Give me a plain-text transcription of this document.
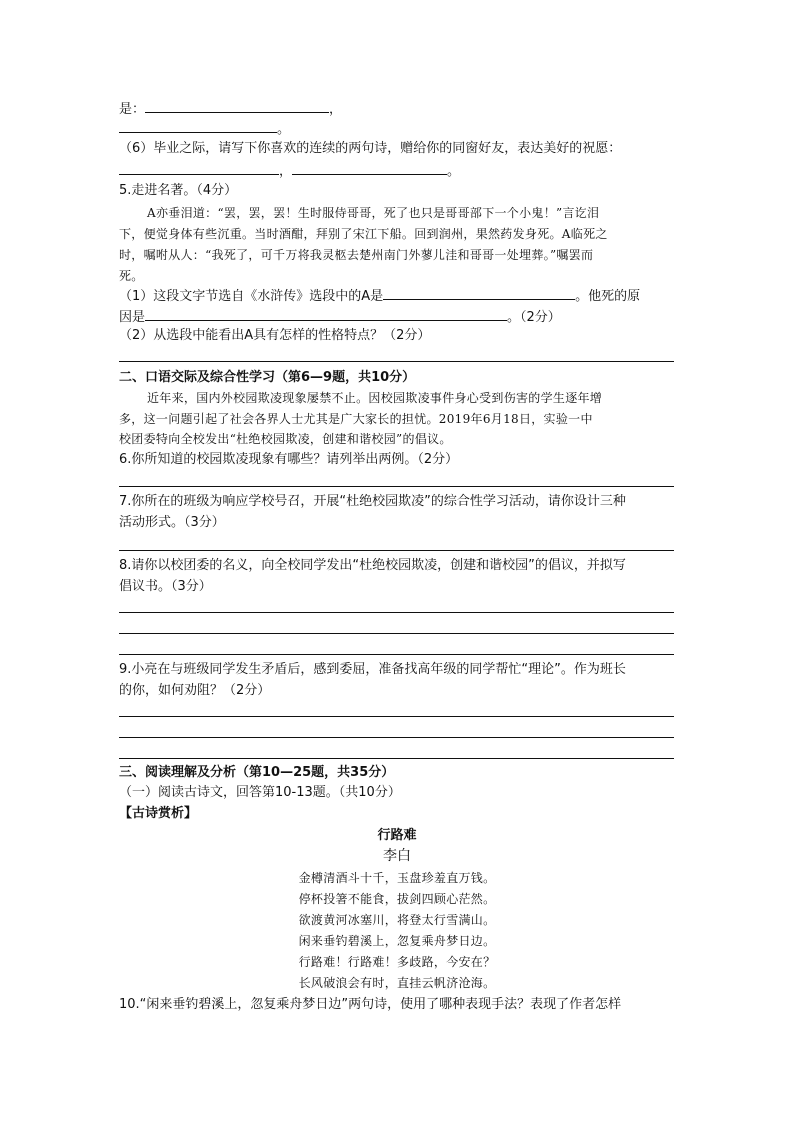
是：	，
。
（6）毕业之际，请写下你喜欢的连续的两句诗，赠给你的同窗好友，表达美好的祝愿：
，	。
5.走进名著。（4分）
A亦垂泪道：“罢，罢，罢！生时服侍哥哥，死了也只是哥哥部下一个小鬼！”言讫泪
下，便觉身体有些沉重。当时酒酣，拜别了宋江下船。回到润州，果然药发身死。A临死之
时，嘱咐从人：“我死了，可千万将我灵柩去楚州南门外蓼儿洼和哥哥一处埋葬。”嘱罢而
死。
（1）这段文字节选自《水浒传》选段中的A是	。他死的原
因是	。（2分）
（2）从选段中能看出A具有怎样的性格特点？（2分）
二、口语交际及综合性学习（第6—9题，共10分）
近年来，国内外校园欺凌现象屡禁不止。因校园欺凌事件身心受到伤害的学生逐年增
多，这一问题引起了社会各界人士尤其是广大家长的担忧。2019年6月18日，实验一中
校团委特向全校发出“杜绝校园欺凌，创建和谐校园”的倡议。
6.你所知道的校园欺凌现象有哪些？请列举出两例。（2分）
7.你所在的班级为响应学校号召，开展“杜绝校园欺凌”的综合性学习活动，请你设计三种
活动形式。（3分）
8.请你以校团委的名义，向全校同学发出“杜绝校园欺凌，创建和谐校园”的倡议，并拟写
倡议书。（3分）
9.小亮在与班级同学发生矛盾后，感到委屈，准备找高年级的同学帮忙“理论”。作为班长
的你，如何劝阻？（2分）
三、阅读理解及分析（第10—25题，共35分）
（一）阅读古诗文，回答第10-13题。（共10分）
【古诗赏析】
行路难
李白
金樽清酒斗十千，玉盘珍羞直万钱。
停杯投箸不能食，拔剑四顾心茫然。
欲渡黄河冰塞川，将登太行雪满山。
闲来垂钓碧溪上，忽复乘舟梦日边。
行路难！行路难！多歧路，今安在？
长风破浪会有时，直挂云帆济沧海。
10.“闲来垂钓碧溪上，忽复乘舟梦日边”两句诗，使用了哪种表现手法？表现了作者怎样
